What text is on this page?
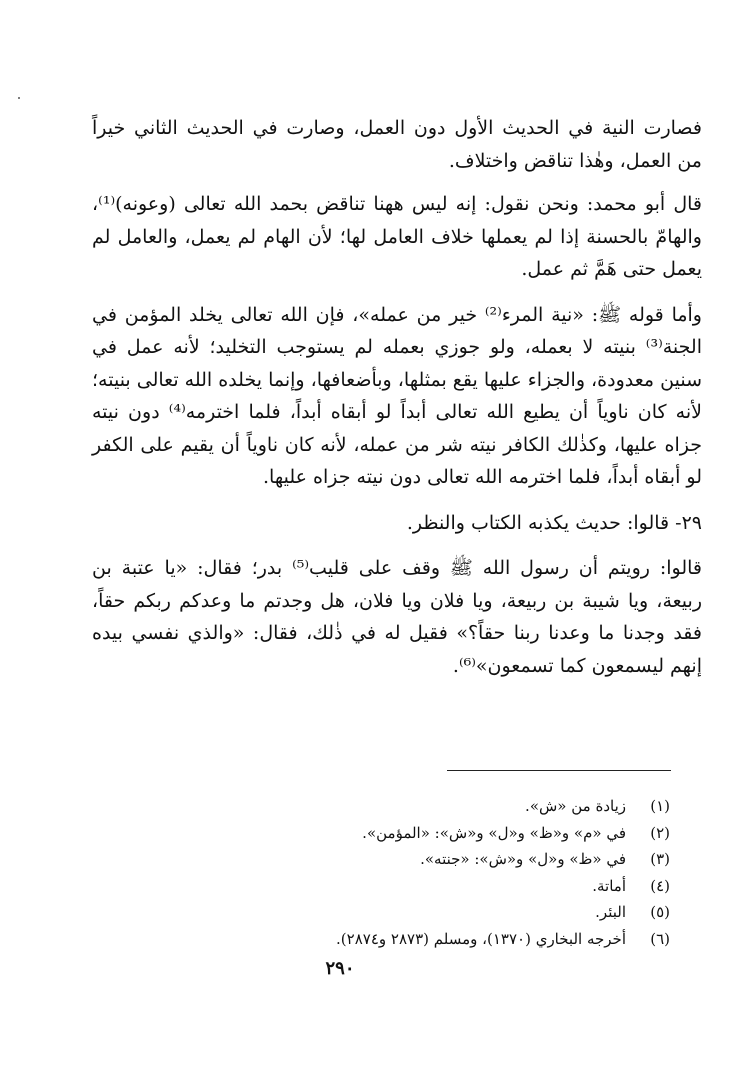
فصارت النية في الحديث الأول دون العمل، وصارت في الحديث الثاني خيراً من العمل، وهٰذا تناقض واختلاف.

قال أبو محمد: ونحن نقول: إنه ليس ههنا تناقض بحمد الله تعالى (وعونه)⁽¹⁾، والهامّ بالحسنة إذا لم يعملها خلاف العامل لها؛ لأن الهام لم يعمل، والعامل لم يعمل حتى هَمَّ ثم عمل.

وأما قوله ﷺ: «نية المرء⁽²⁾ خير من عمله»، فإن الله تعالى يخلد المؤمن في الجنة⁽³⁾ بنيته لا بعمله، ولو جوزي بعمله لم يستوجب التخليد؛ لأنه عمل في سنين معدودة، والجزاء عليها يقع بمثلها، وبأضعافها، وإنما يخلده الله تعالى بنيته؛ لأنه كان ناوياً أن يطيع الله تعالى أبداً لو أبقاه أبداً، فلما اخترمه⁽⁴⁾ دون نيته جزاه عليها، وكذٰلك الكافر نيته شر من عمله، لأنه كان ناوياً أن يقيم على الكفر لو أبقاه أبداً، فلما اخترمه الله تعالى دون نيته جزاه عليها.

٢٩- قالوا: حديث يكذبه الكتاب والنظر.

قالوا: رويتم أن رسول الله ﷺ وقف على قليب⁽⁵⁾ بدر؛ فقال: «يا عتبة بن ربيعة، ويا شيبة بن ربيعة، ويا فلان ويا فلان، هل وجدتم ما وعدكم ربكم حقاً، فقد وجدنا ما وعدنا ربنا حقاً؟» فقيل له في ذٰلك، فقال: «والذي نفسي بيده إنهم ليسمعون كما تسمعون»⁽⁶⁾.

(١)
زيادة من «ش».
(٢)
في «م» و«ظ» و«ل» و«ش»: «المؤمن».
(٣)
في «ظ» و«ل» و«ش»: «جنته».
(٤)
أماتة.
(٥)
البئر.
(٦)
أخرجه البخاري (١٣٧٠)، ومسلم (٢٨٧٣ و٢٨٧٤).
٢٩٠
